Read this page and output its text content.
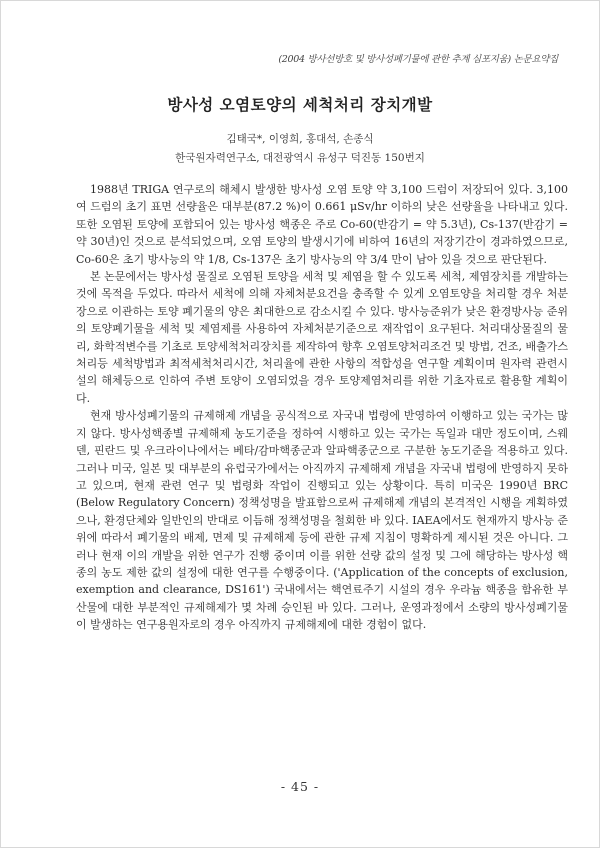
(2004 방사선방호 및 방사성폐기물에 관한 추계 심포지움) 논문요약집
방사성 오염토양의 세척처리 장치개발
김태국*, 이영희, 홍대석, 손종식
한국원자력연구소, 대전광역시 유성구 덕진동 150번지

1988년 TRIGA 연구로의 해체시 발생한 방사성 오염 토양 약 3,100 드럼이 저장되어 있다. 3,100여 드럼의 초기 표면 선량율은 대부분(87.2 %)이 0.661 μSv/hr 이하의 낮은 선량율을 나타내고 있다. 또한 오염된 토양에 포함되어 있는 방사성 핵종은 주로 Co-60(반감기 = 약 5.3년), Cs-137(반감기 = 약 30년)인 것으로 분석되었으며, 오염 토양의 발생시기에 비하여 16년의 저장기간이 경과하였으므로, Co-60은 초기 방사능의 약 1/8, Cs-137은 초기 방사능의 약 3/4 만이 남아 있을 것으로 판단된다.

본 논문에서는 방사성 물질로 오염된 토양을 세척 및 제염을 할 수 있도록 세척, 제염장치를 개발하는 것에 목적을 두었다. 따라서 세척에 의해 자체처분요건을 충족할 수 있게 오염토양을 처리할 경우 처분장으로 이관하는 토양 폐기물의 양은 최대한으로 감소시킬 수 있다. 방사능준위가 낮은 환경방사능 준위의 토양폐기물을 세척 및 제염제를 사용하여 자체처분기준으로 재작업이 요구된다. 처리대상물질의 물리, 화학적변수를 기초로 토양세척처리장치를 제작하여 향후 오염토양처리조건 및 방법, 건조, 배출가스 처리등 세척방법과 최적세척처리시간, 처리율에 관한 사항의 적합성을 연구할 계획이며 원자력 관련시설의 해체등으로 인하여 주변 토양이 오염되었을 경우 토양제염처리를 위한 기초자료로 활용할 계획이다.

현재 방사성폐기물의 규제해제 개념을 공식적으로 자국내 법령에 반영하여 이행하고 있는 국가는 많지 않다. 방사성핵종별 규제해제 농도기준을 정하여 시행하고 있는 국가는 독일과 대만 정도이며, 스웨덴, 핀란드 및 우크라이나에서는 베타/감마핵종군과 알파핵종군으로 구분한 농도기준을 적용하고 있다. 그러나 미국, 일본 및 대부분의 유럽국가에서는 아직까지 규제해제 개념을 자국내 법령에 반영하지 못하고 있으며, 현재 관련 연구 및 법령화 작업이 진행되고 있는 상황이다. 특히 미국은 1990년 BRC (Below Regulatory Concern) 정책성명을 발표함으로써 규제해제 개념의 본격적인 시행을 계획하였으나, 환경단체와 일반인의 반대로 이듬해 정책성명을 철회한 바 있다. IAEA에서도 현재까지 방사능 준위에 따라서 폐기물의 배제, 면제 및 규제해제 등에 관한 규제 지침이 명확하게 제시된 것은 아니다. 그러나 현재 이의 개발을 위한 연구가 진행 중이며 이를 위한 선량 값의 설정 및 그에 해당하는 방사성 핵종의 농도 제한 값의 설정에 대한 연구를 수행중이다. ('Application of the concepts of exclusion, exemption and clearance, DS161') 국내에서는 핵연료주기 시설의 경우 우라늄 핵종을 함유한 부산물에 대한 부분적인 규제해제가 몇 차례 승인된 바 있다. 그러나, 운영과정에서 소량의 방사성폐기물이 발생하는 연구용원자로의 경우 아직까지 규제해제에 대한 경험이 없다.

- 45 -
